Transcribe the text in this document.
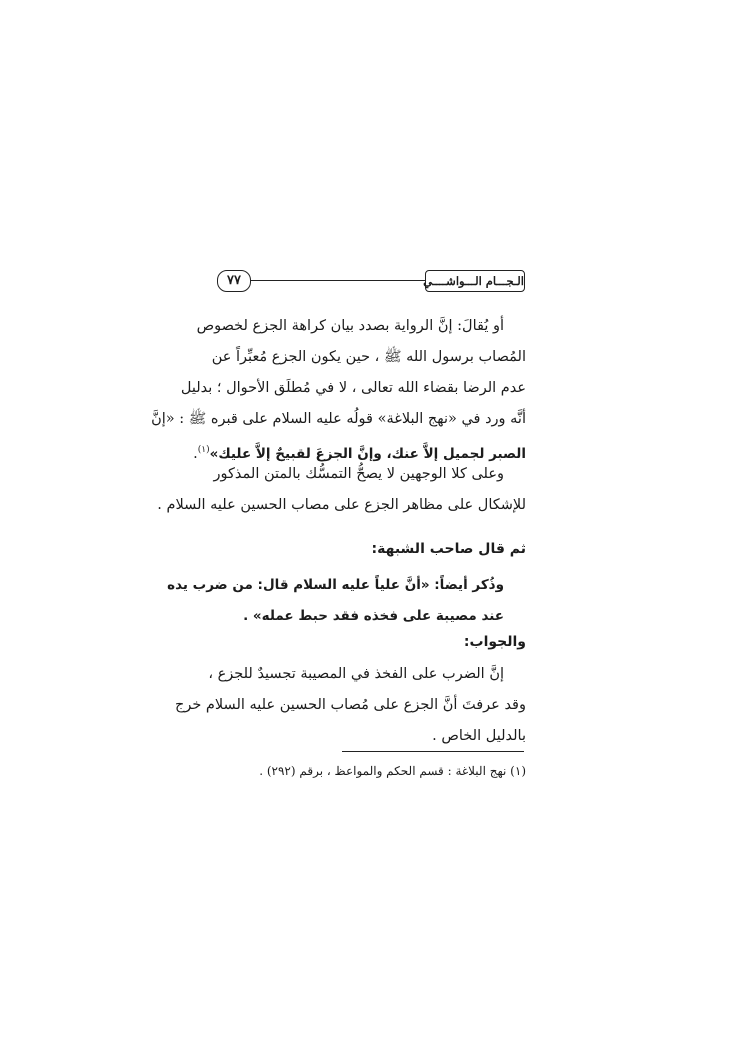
٧٧	الـجـــام الـــواشــــي
أو يُقالَ: إنَّ الرواية بصدد بيان كراهة الجزع لخصوص
المُصاب برسول الله ﷺ ، حين يكون الجزع مُعبِّراً عن
عدم الرضا بقضاء الله تعالى ، لا في مُطلَق الأحوال ؛ بدليل
أنَّه ورد في «نهج البلاغة» قولُه عليه السلام على قبره ﷺ : «إنَّ
الصبر لجميل إلاَّ عنك، وإنَّ الجزعَ لقبيحٌ إلاَّ عليك»$^{(١)}$.
وعلى كلا الوجهين لا يصحُّ التمسُّك بالمتن المذكور
للإشكال على مظاهر الجزع على مصاب الحسين عليه السلام .
ثم قال صاحب الشبهة:
وذُكر أيضاً: «أنَّ علياً عليه السلام قال: من ضرب يده
عند مصيبة على فخذه فقد حبط عمله» .
والجواب:
إنَّ الضرب على الفخذ في المصيبة تجسيدٌ للجزع ،
وقد عرفتَ أنَّ الجزع على مُصاب الحسين عليه السلام خرج
بالدليل الخاص .
(١) نهج البلاغة : قسم الحكم والمواعظ ، برقم (٢٩٢) .
